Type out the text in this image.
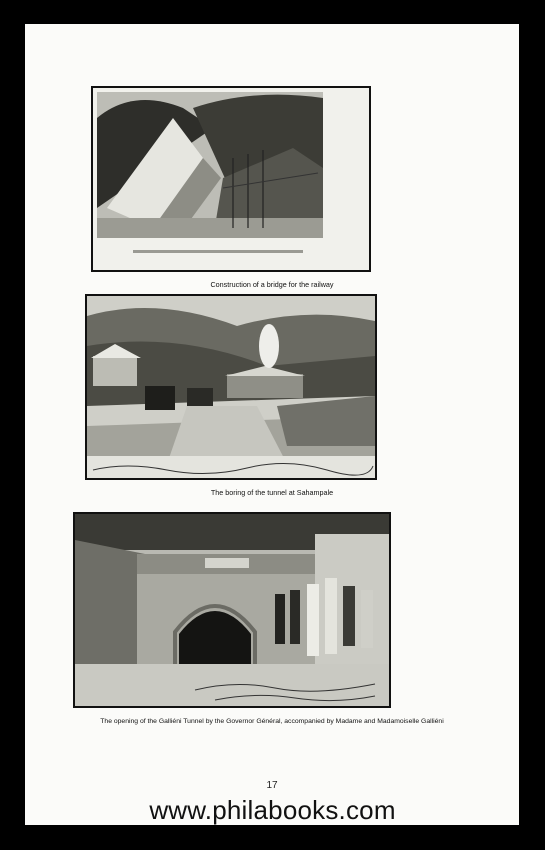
Construction of a bridge for the railway
The boring of the tunnel at Sahampale
The opening of the Galliéni Tunnel by the Governor Général, accompanied by Madame and Madamoiselle Galliéni
17
www.philabooks.com
